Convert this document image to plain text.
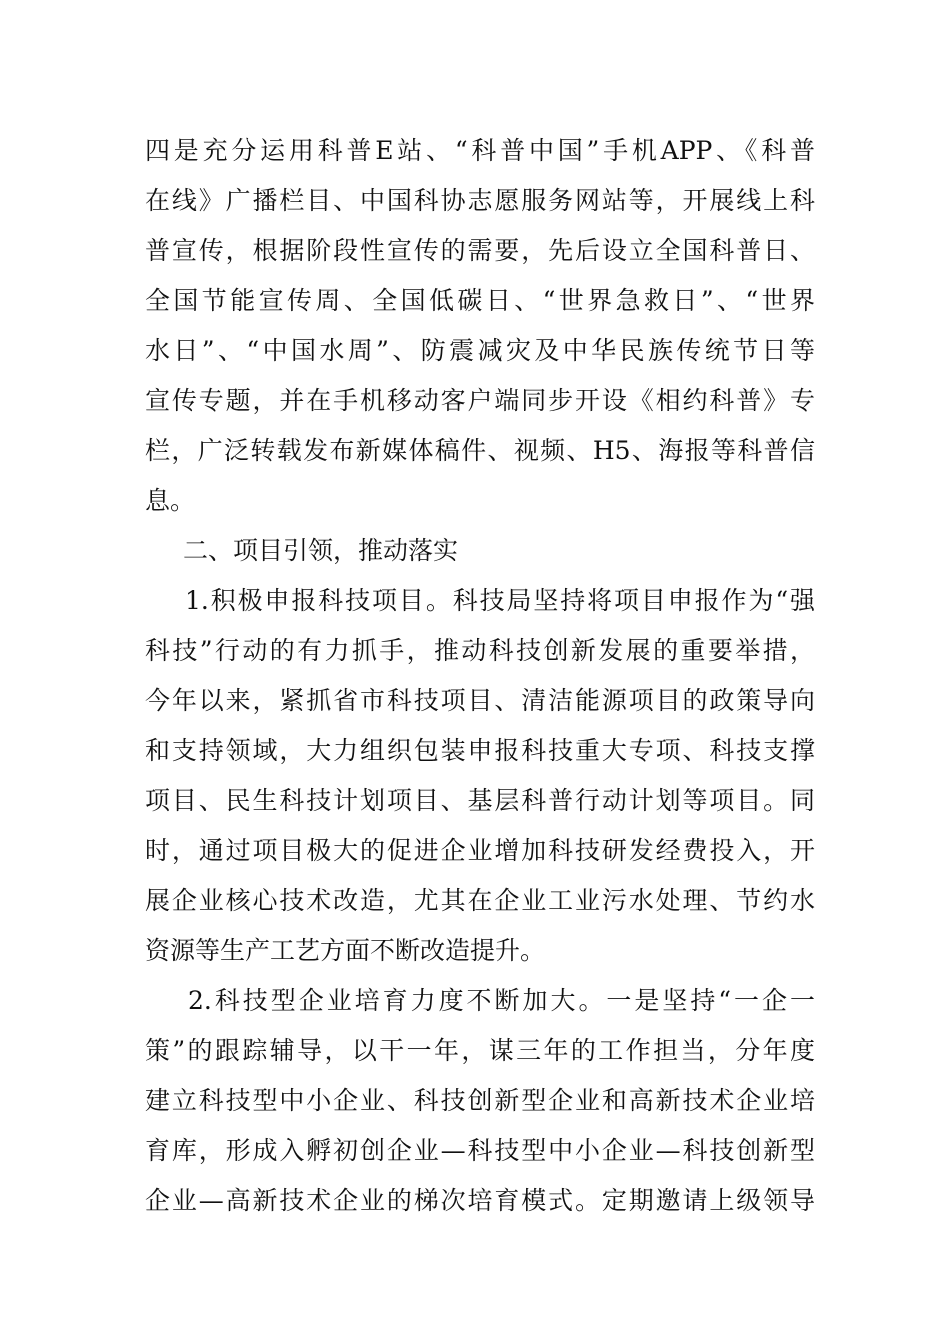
四是充分运用科普E站、“科普中国”手机APP、《科普
在线》广播栏目、中国科协志愿服务网站等，开展线上科
普宣传，根据阶段性宣传的需要，先后设立全国科普日、
全国节能宣传周、全国低碳日、“世界急救日”、“世界
水日”、“中国水周”、防震减灾及中华民族传统节日等
宣传专题，并在手机移动客户端同步开设《相约科普》专
栏，广泛转载发布新媒体稿件、视频、H5、海报等科普信
息。
二、项目引领，推动落实
1.积极申报科技项目。科技局坚持将项目申报作为“强
科技”行动的有力抓手，推动科技创新发展的重要举措，
今年以来，紧抓省市科技项目、清洁能源项目的政策导向
和支持领域，大力组织包装申报科技重大专项、科技支撑
项目、民生科技计划项目、基层科普行动计划等项目。同
时，通过项目极大的促进企业增加科技研发经费投入，开
展企业核心技术改造，尤其在企业工业污水处理、节约水
资源等生产工艺方面不断改造提升。
2.科技型企业培育力度不断加大。一是坚持“一企一
策”的跟踪辅导，以干一年，谋三年的工作担当，分年度
建立科技型中小企业、科技创新型企业和高新技术企业培
育库，形成入孵初创企业—科技型中小企业—科技创新型
企业—高新技术企业的梯次培育模式。定期邀请上级领导
